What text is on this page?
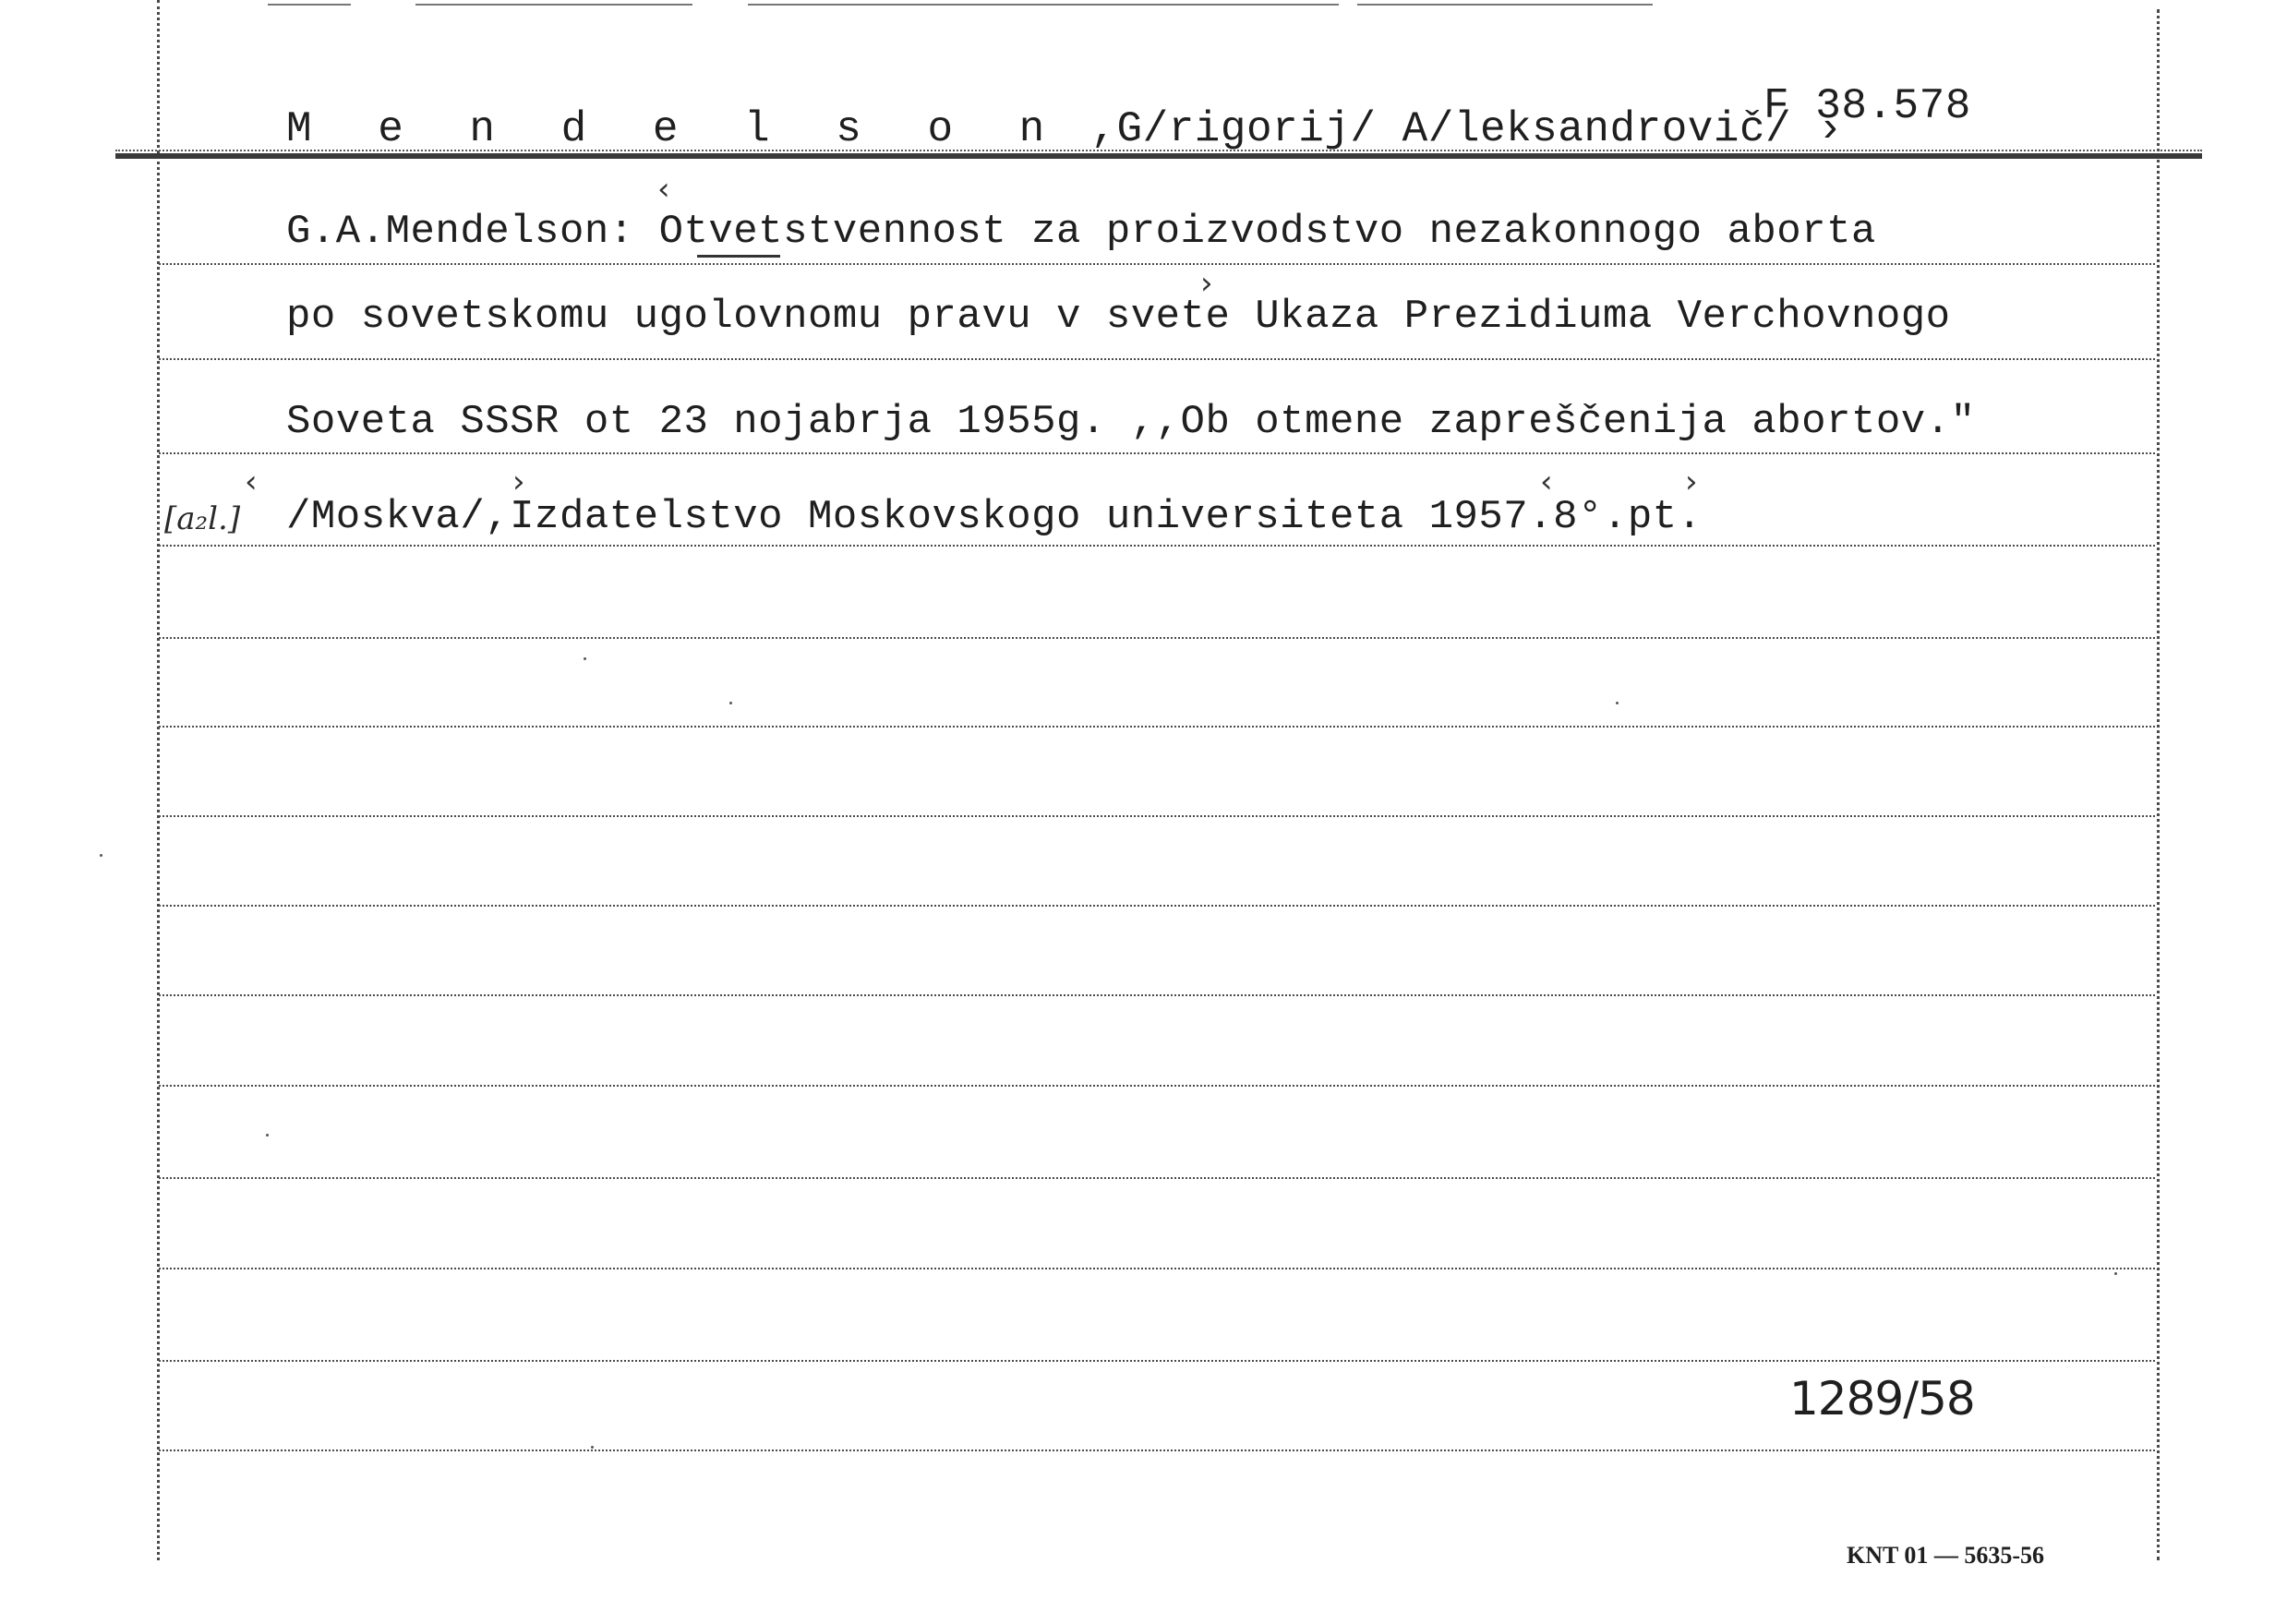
M e n d e l s o n ,G/rigorij/ A/leksandrovič/ ›
F 38.578
G.A.Mendelson: Otvetstvennost za proizvodstvo nezakonnogo aborta
po sovetskomu ugolovnomu pravu v svete Ukaza Prezidiuma Verchovnogo
Soveta SSSR ot 23 nojabrja 1955g. ,,Ob otmene zapreščenija abortov."
[a₂l.] /Moskva/,Izdatelstvo Moskovskogo universiteta 1957.8°.pt.
‹
›
‹	›	‹	›
1289/58
KNT 01 — 5635-56
